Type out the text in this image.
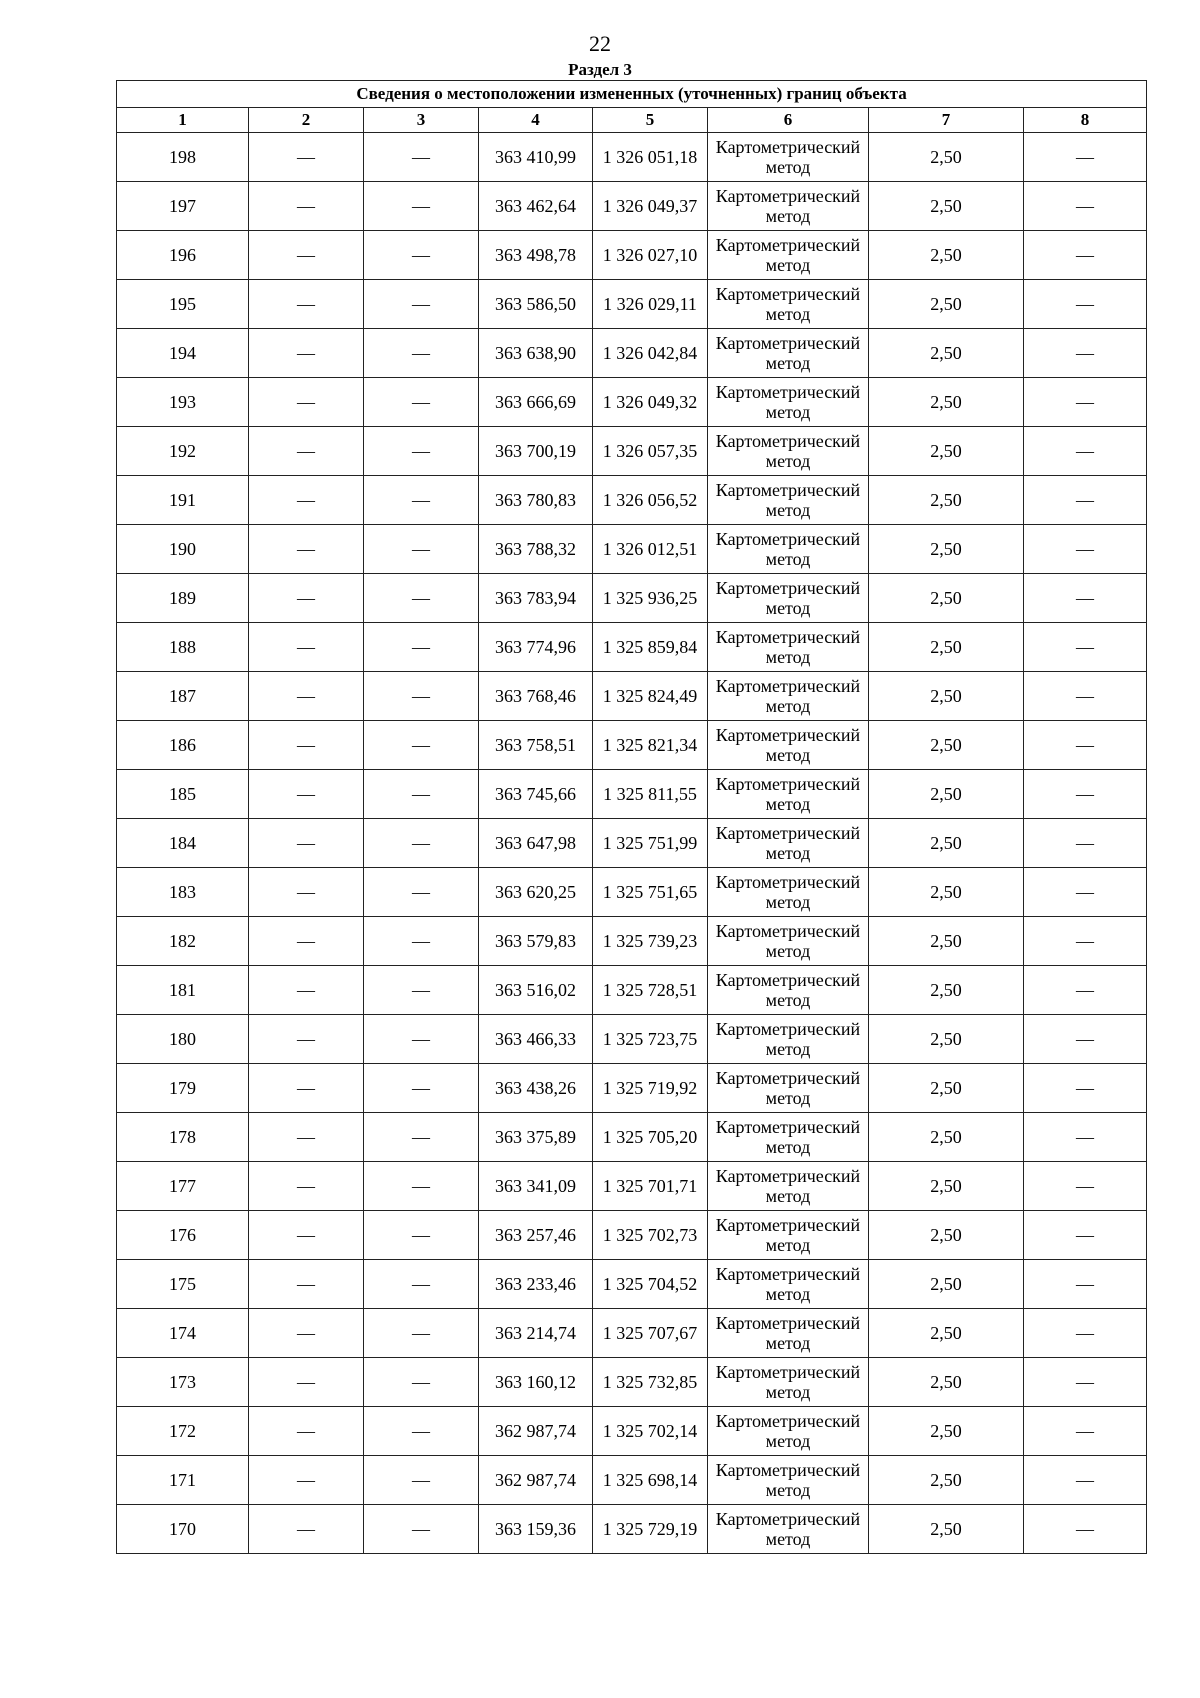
22
Раздел 3
Сведения о местоположении измененных (уточненных) границ объекта							
1	2	3	4	5	6	7	8
198	—	—	363 410,99	1 326 051,18	Картометрический метод	2,50	—
197	—	—	363 462,64	1 326 049,37	Картометрический метод	2,50	—
196	—	—	363 498,78	1 326 027,10	Картометрический метод	2,50	—
195	—	—	363 586,50	1 326 029,11	Картометрический метод	2,50	—
194	—	—	363 638,90	1 326 042,84	Картометрический метод	2,50	—
193	—	—	363 666,69	1 326 049,32	Картометрический метод	2,50	—
192	—	—	363 700,19	1 326 057,35	Картометрический метод	2,50	—
191	—	—	363 780,83	1 326 056,52	Картометрический метод	2,50	—
190	—	—	363 788,32	1 326 012,51	Картометрический метод	2,50	—
189	—	—	363 783,94	1 325 936,25	Картометрический метод	2,50	—
188	—	—	363 774,96	1 325 859,84	Картометрический метод	2,50	—
187	—	—	363 768,46	1 325 824,49	Картометрический метод	2,50	—
186	—	—	363 758,51	1 325 821,34	Картометрический метод	2,50	—
185	—	—	363 745,66	1 325 811,55	Картометрический метод	2,50	—
184	—	—	363 647,98	1 325 751,99	Картометрический метод	2,50	—
183	—	—	363 620,25	1 325 751,65	Картометрический метод	2,50	—
182	—	—	363 579,83	1 325 739,23	Картометрический метод	2,50	—
181	—	—	363 516,02	1 325 728,51	Картометрический метод	2,50	—
180	—	—	363 466,33	1 325 723,75	Картометрический метод	2,50	—
179	—	—	363 438,26	1 325 719,92	Картометрический метод	2,50	—
178	—	—	363 375,89	1 325 705,20	Картометрический метод	2,50	—
177	—	—	363 341,09	1 325 701,71	Картометрический метод	2,50	—
176	—	—	363 257,46	1 325 702,73	Картометрический метод	2,50	—
175	—	—	363 233,46	1 325 704,52	Картометрический метод	2,50	—
174	—	—	363 214,74	1 325 707,67	Картометрический метод	2,50	—
173	—	—	363 160,12	1 325 732,85	Картометрический метод	2,50	—
172	—	—	362 987,74	1 325 702,14	Картометрический метод	2,50	—
171	—	—	362 987,74	1 325 698,14	Картометрический метод	2,50	—
170	—	—	363 159,36	1 325 729,19	Картометрический метод	2,50	—
